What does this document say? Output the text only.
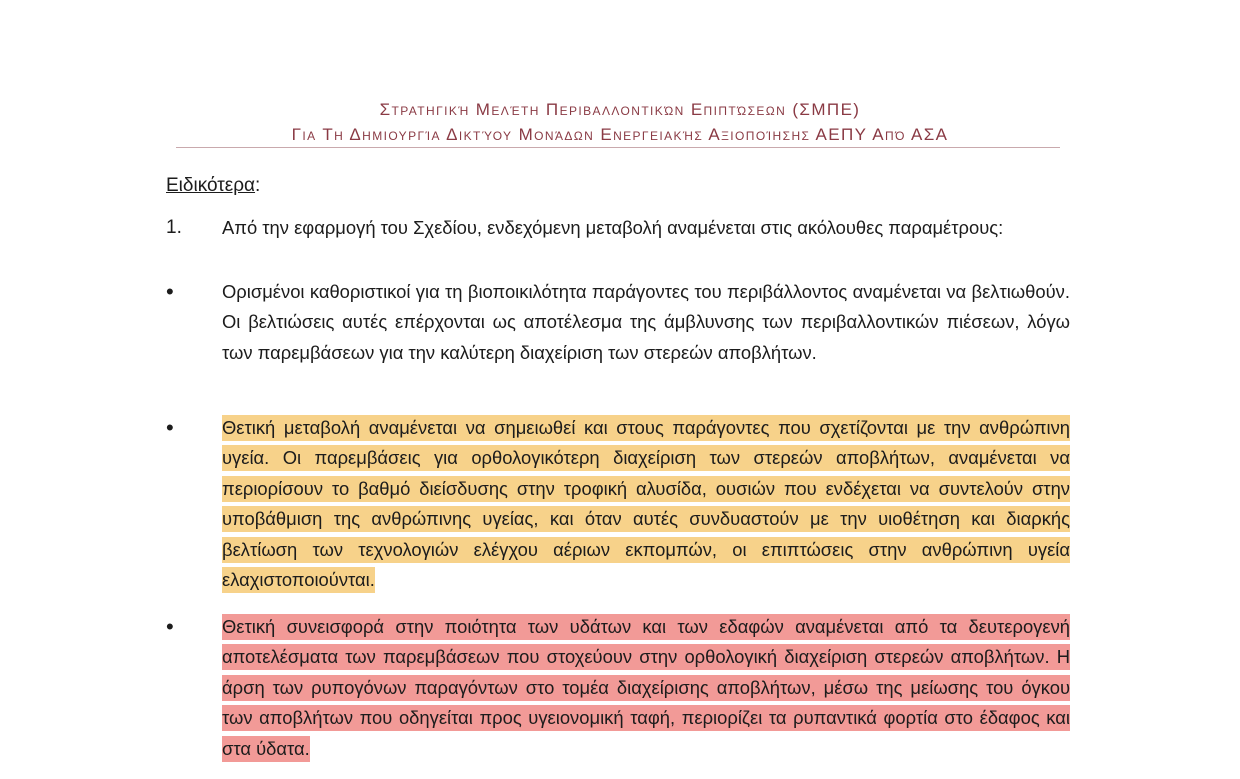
Στρατηγική Μελέτη Περιβαλλοντικών Επιπτώσεων (ΣΜΠΕ)
Για Τη Δημιουργία Δικτύου Μονάδων Ενεργειακής Αξιοποίησης ΑΕΠΥ Από ΑΣΑ
Ειδικότερα:
1.	Από την εφαρμογή του Σχεδίου, ενδεχόμενη μεταβολή αναμένεται στις ακόλουθες παραμέτρους:
•	Ορισμένοι καθοριστικοί για τη βιοποικιλότητα παράγοντες του περιβάλλοντος αναμένεται να βελτιωθούν. Οι βελτιώσεις αυτές επέρχονται ως αποτέλεσμα της άμβλυνσης των περιβαλλοντικών πιέσεων, λόγω των παρεμβάσεων για την καλύτερη διαχείριση των στερεών αποβλήτων.
•	Θετική μεταβολή αναμένεται να σημειωθεί και στους παράγοντες που σχετίζονται με την ανθρώπινη υγεία. Οι παρεμβάσεις για ορθολογικότερη διαχείριση των στερεών αποβλήτων, αναμένεται να περιορίσουν το βαθμό διείσδυσης στην τροφική αλυσίδα, ουσιών που ενδέχεται να συντελούν στην υποβάθμιση της ανθρώπινης υγείας, και όταν αυτές συνδυαστούν με την υιοθέτηση και διαρκής βελτίωση των τεχνολογιών ελέγχου αέριων εκπομπών, οι επιπτώσεις στην ανθρώπινη υγεία ελαχιστοποιούνται.
•	Θετική συνεισφορά στην ποιότητα των υδάτων και των εδαφών αναμένεται από τα δευτερογενή αποτελέσματα των παρεμβάσεων που στοχεύουν στην ορθολογική διαχείριση στερεών αποβλήτων. Η άρση των ρυπογόνων παραγόντων στο τομέα διαχείρισης αποβλήτων, μέσω της μείωσης του όγκου των αποβλήτων που οδηγείται προς υγειονομική ταφή, περιορίζει τα ρυπαντικά φορτία στο έδαφος και στα ύδατα.
